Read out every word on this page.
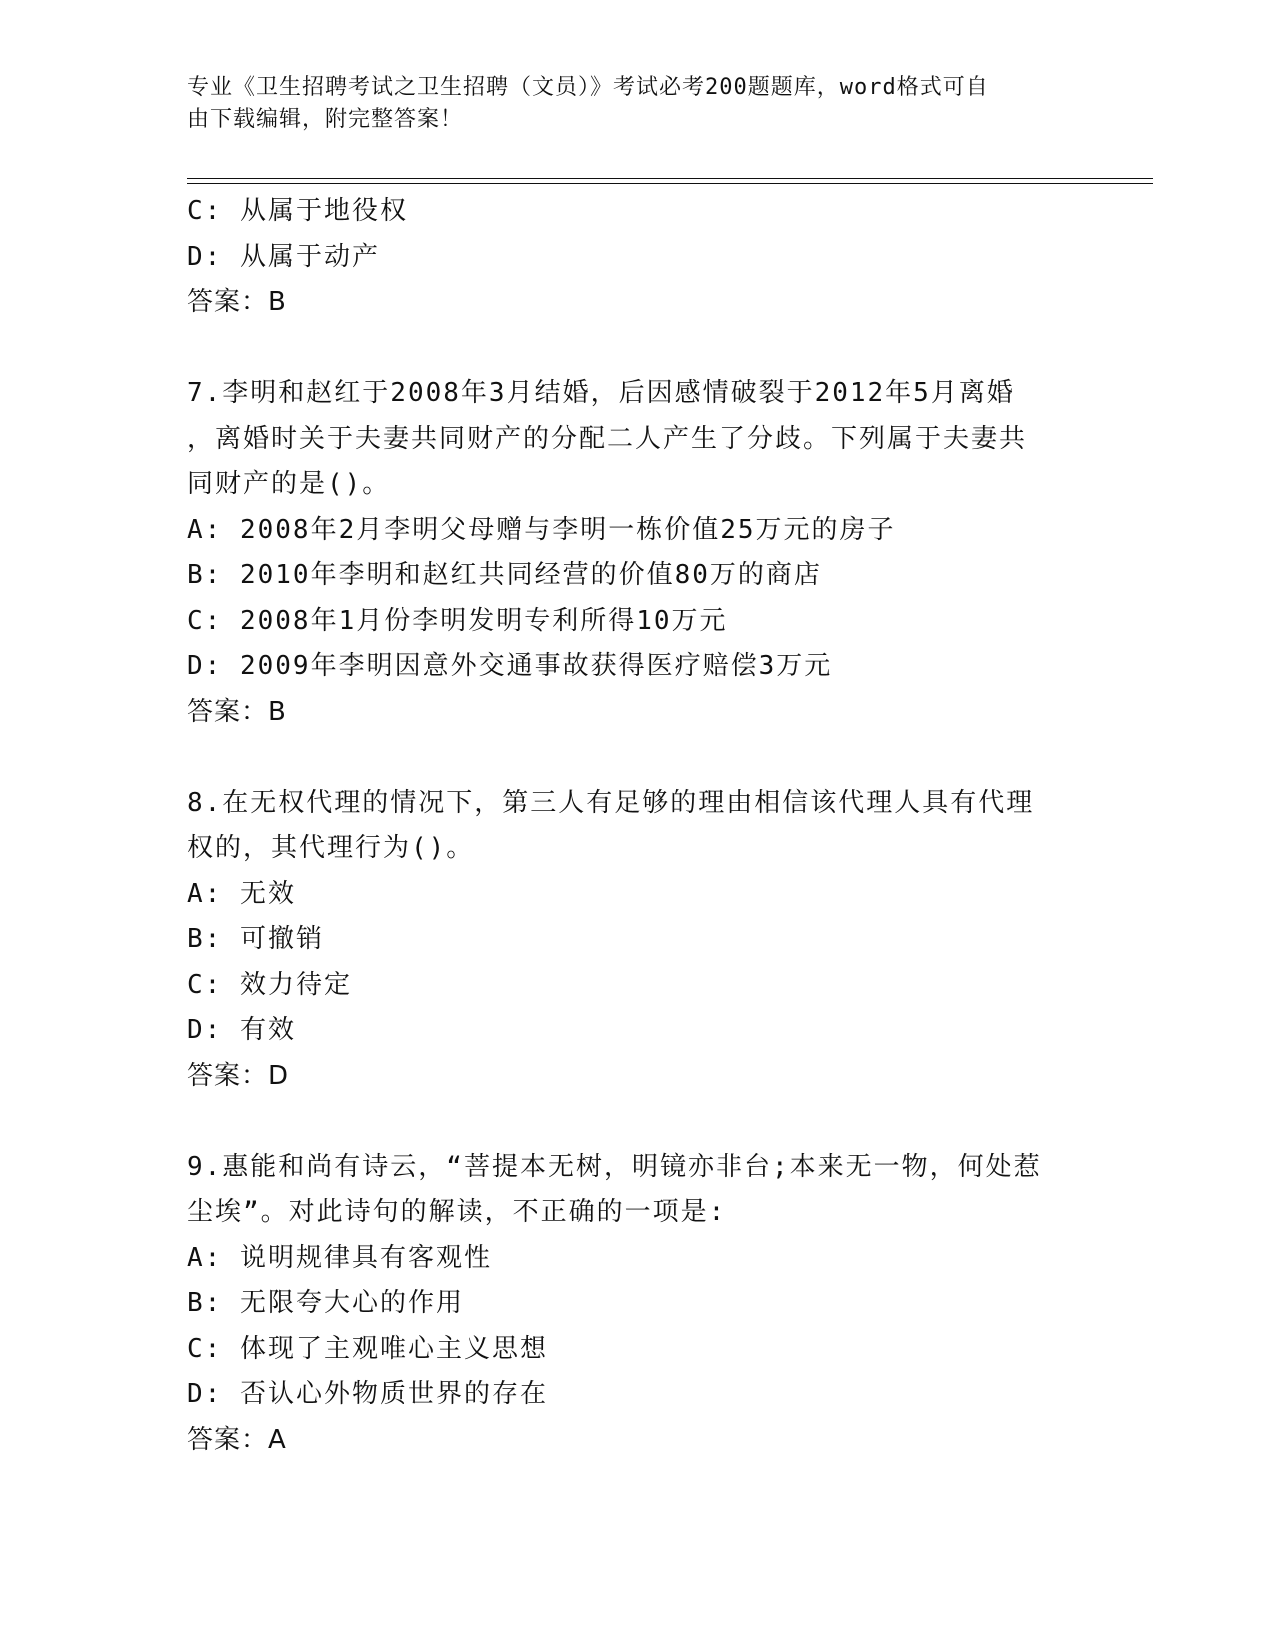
专业《卫生招聘考试之卫生招聘（文员）》考试必考200题题库，word格式可自
由下载编辑，附完整答案！
C: 从属于地役权
D: 从属于动产
答案：B
7.李明和赵红于2008年3月结婚，后因感情破裂于2012年5月离婚
，离婚时关于夫妻共同财产的分配二人产生了分歧。下列属于夫妻共
同财产的是()。
A: 2008年2月李明父母赠与李明一栋价值25万元的房子
B: 2010年李明和赵红共同经营的价值80万的商店
C: 2008年1月份李明发明专利所得10万元
D: 2009年李明因意外交通事故获得医疗赔偿3万元
答案：B
8.在无权代理的情况下，第三人有足够的理由相信该代理人具有代理
权的，其代理行为()。
A: 无效
B: 可撤销
C: 效力待定
D: 有效
答案：D
9.惠能和尚有诗云，“菩提本无树，明镜亦非台;本来无一物，何处惹
尘埃”。对此诗句的解读，不正确的一项是:
A: 说明规律具有客观性
B: 无限夸大心的作用
C: 体现了主观唯心主义思想
D: 否认心外物质世界的存在
答案：A
